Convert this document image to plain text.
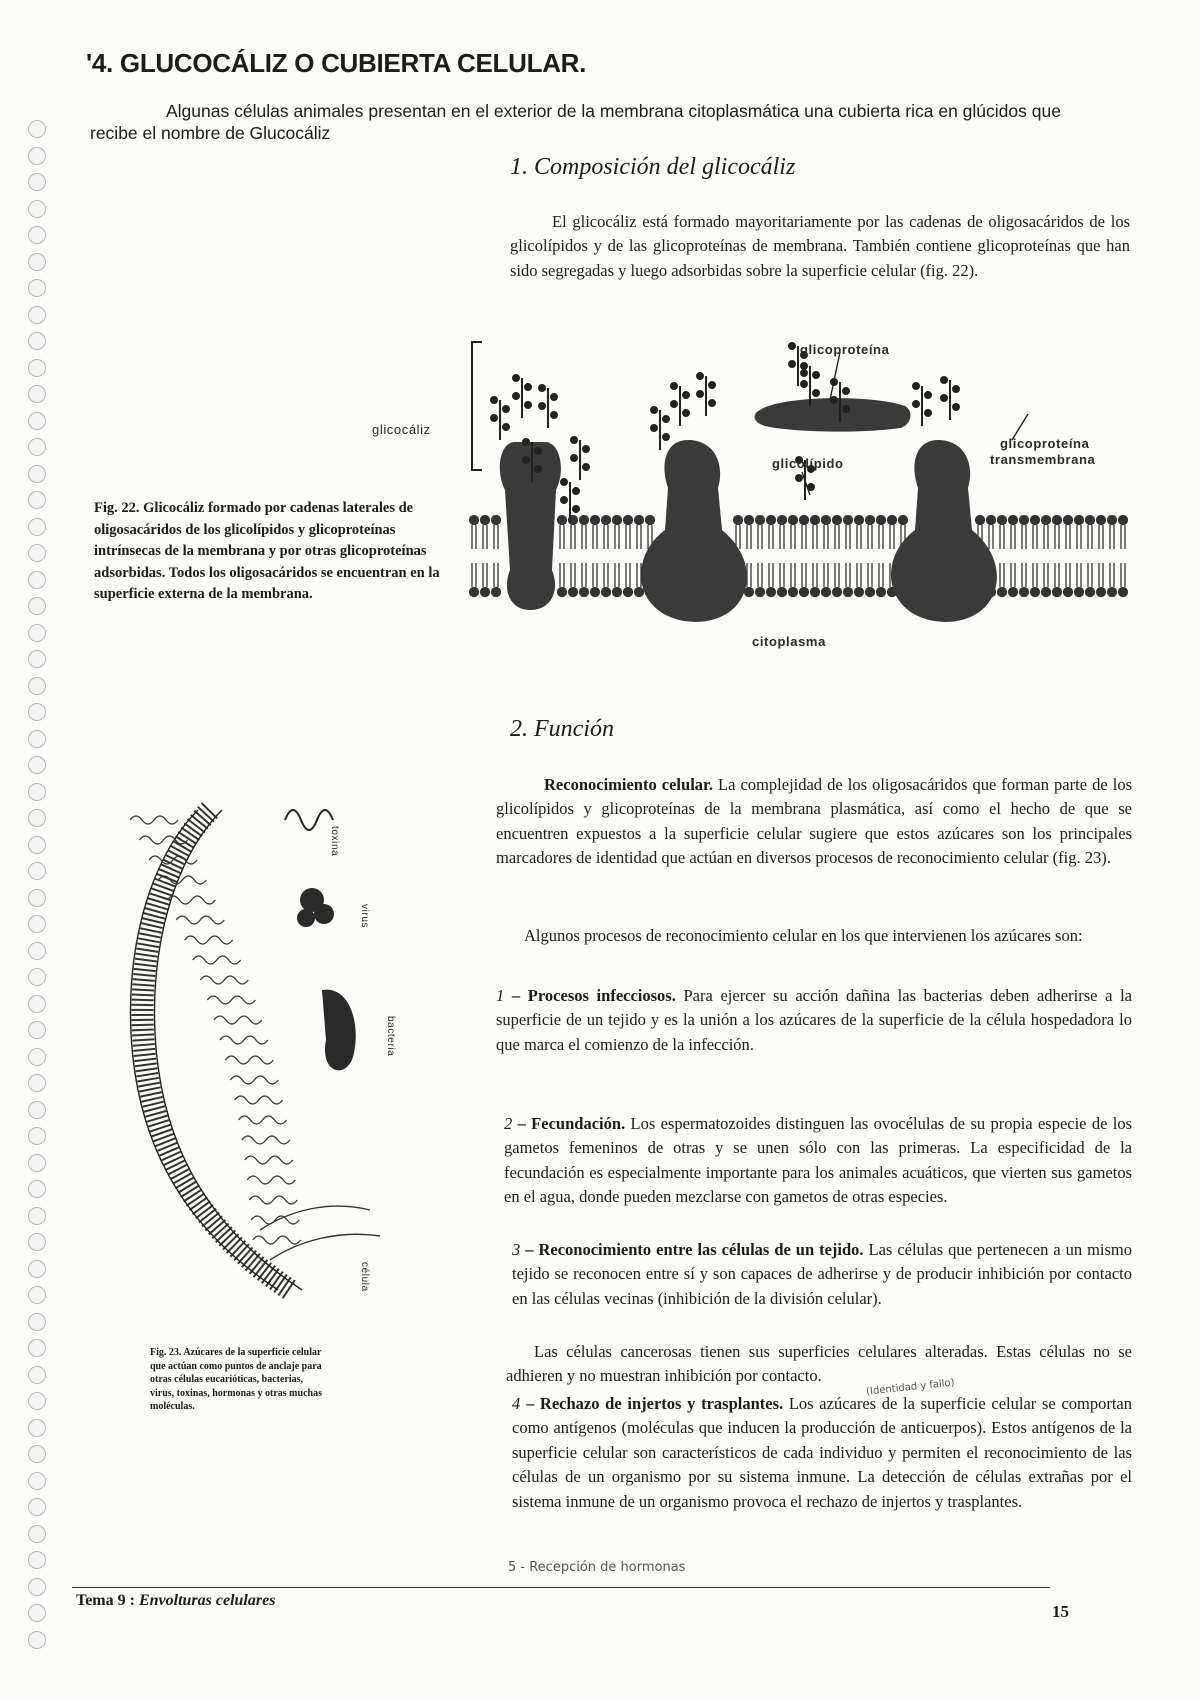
'4. GLUCOCÁLIZ O CUBIERTA CELULAR.
Algunas células animales presentan en el exterior de la membrana citoplasmática una cubierta rica en glúcidos que recibe el nombre de Glucocáliz
1. Composición del glicocáliz
El glicocáliz está formado mayoritariamente por las cadenas de oligosacáridos de los glicolípidos y de las glicoproteínas de membrana. También contiene glicoproteínas que han sido segregadas y luego adsorbidas sobre la superficie celular (fig. 22).
glicocáliz
glicoproteína
glicolípido
glicoproteína
transmembrana
citoplasma
Fig. 22. Glicocáliz formado por cadenas laterales de oligosacáridos de los glicolípidos y glicoproteínas intrínsecas de la membrana y por otras glicoproteínas adsorbidas. Todos los oligosacáridos se encuentran en la superficie externa de la membrana.
2. Función
Reconocimiento celular. La complejidad de los oligosacáridos que forman parte de los glicolípidos y glicoproteínas de la membrana plasmática, así como el hecho de que se encuentren expuestos a la superficie celular sugiere que estos azúcares son los principales marcadores de identidad que actúan en diversos procesos de reconocimiento celular (fig. 23).
Algunos procesos de reconocimiento celular en los que intervienen los azúcares son:
1 – Procesos infecciosos. Para ejercer su acción dañina las bacterias deben adherirse a la superficie de un tejido y es la unión a los azúcares de la superficie de la célula hospedadora lo que marca el comienzo de la infección.
2 – Fecundación. Los espermatozoides distinguen las ovocélulas de su propia especie de los gametos femeninos de otras y se unen sólo con las primeras. La especificidad de la fecundación es especialmente importante para los animales acuáticos, que vierten sus gametos en el agua, donde pueden mezclarse con gametos de otras especies.
3 – Reconocimiento entre las células de un tejido. Las células que pertenecen a un mismo tejido se reconocen entre sí y son capaces de adherirse y de producir inhibición por contacto en las células vecinas (inhibición de la división celular).
Las células cancerosas tienen sus superficies celulares alteradas. Estas células no se adhieren y no muestran inhibición por contacto.
4 – Rechazo de injertos y trasplantes. Los azúcares de la superficie celular se comportan como antígenos (moléculas que inducen la producción de anticuerpos). Estos antígenos de la superficie celular son característicos de cada individuo y permiten el reconocimiento de las células de un organismo por su sistema inmune. La detección de células extrañas por el sistema inmune de un organismo provoca el rechazo de injertos y trasplantes.
toxina
virus
bacteria
célula
Fig. 23. Azúcares de la superficie celular que actúan como puntos de anclaje para otras células eucarióticas, bacterias, virus, toxinas, hormonas y otras muchas moléculas.
5 - Recepción de hormonas
(Identidad y fallo)
Tema 9 : Envolturas celulares
15
